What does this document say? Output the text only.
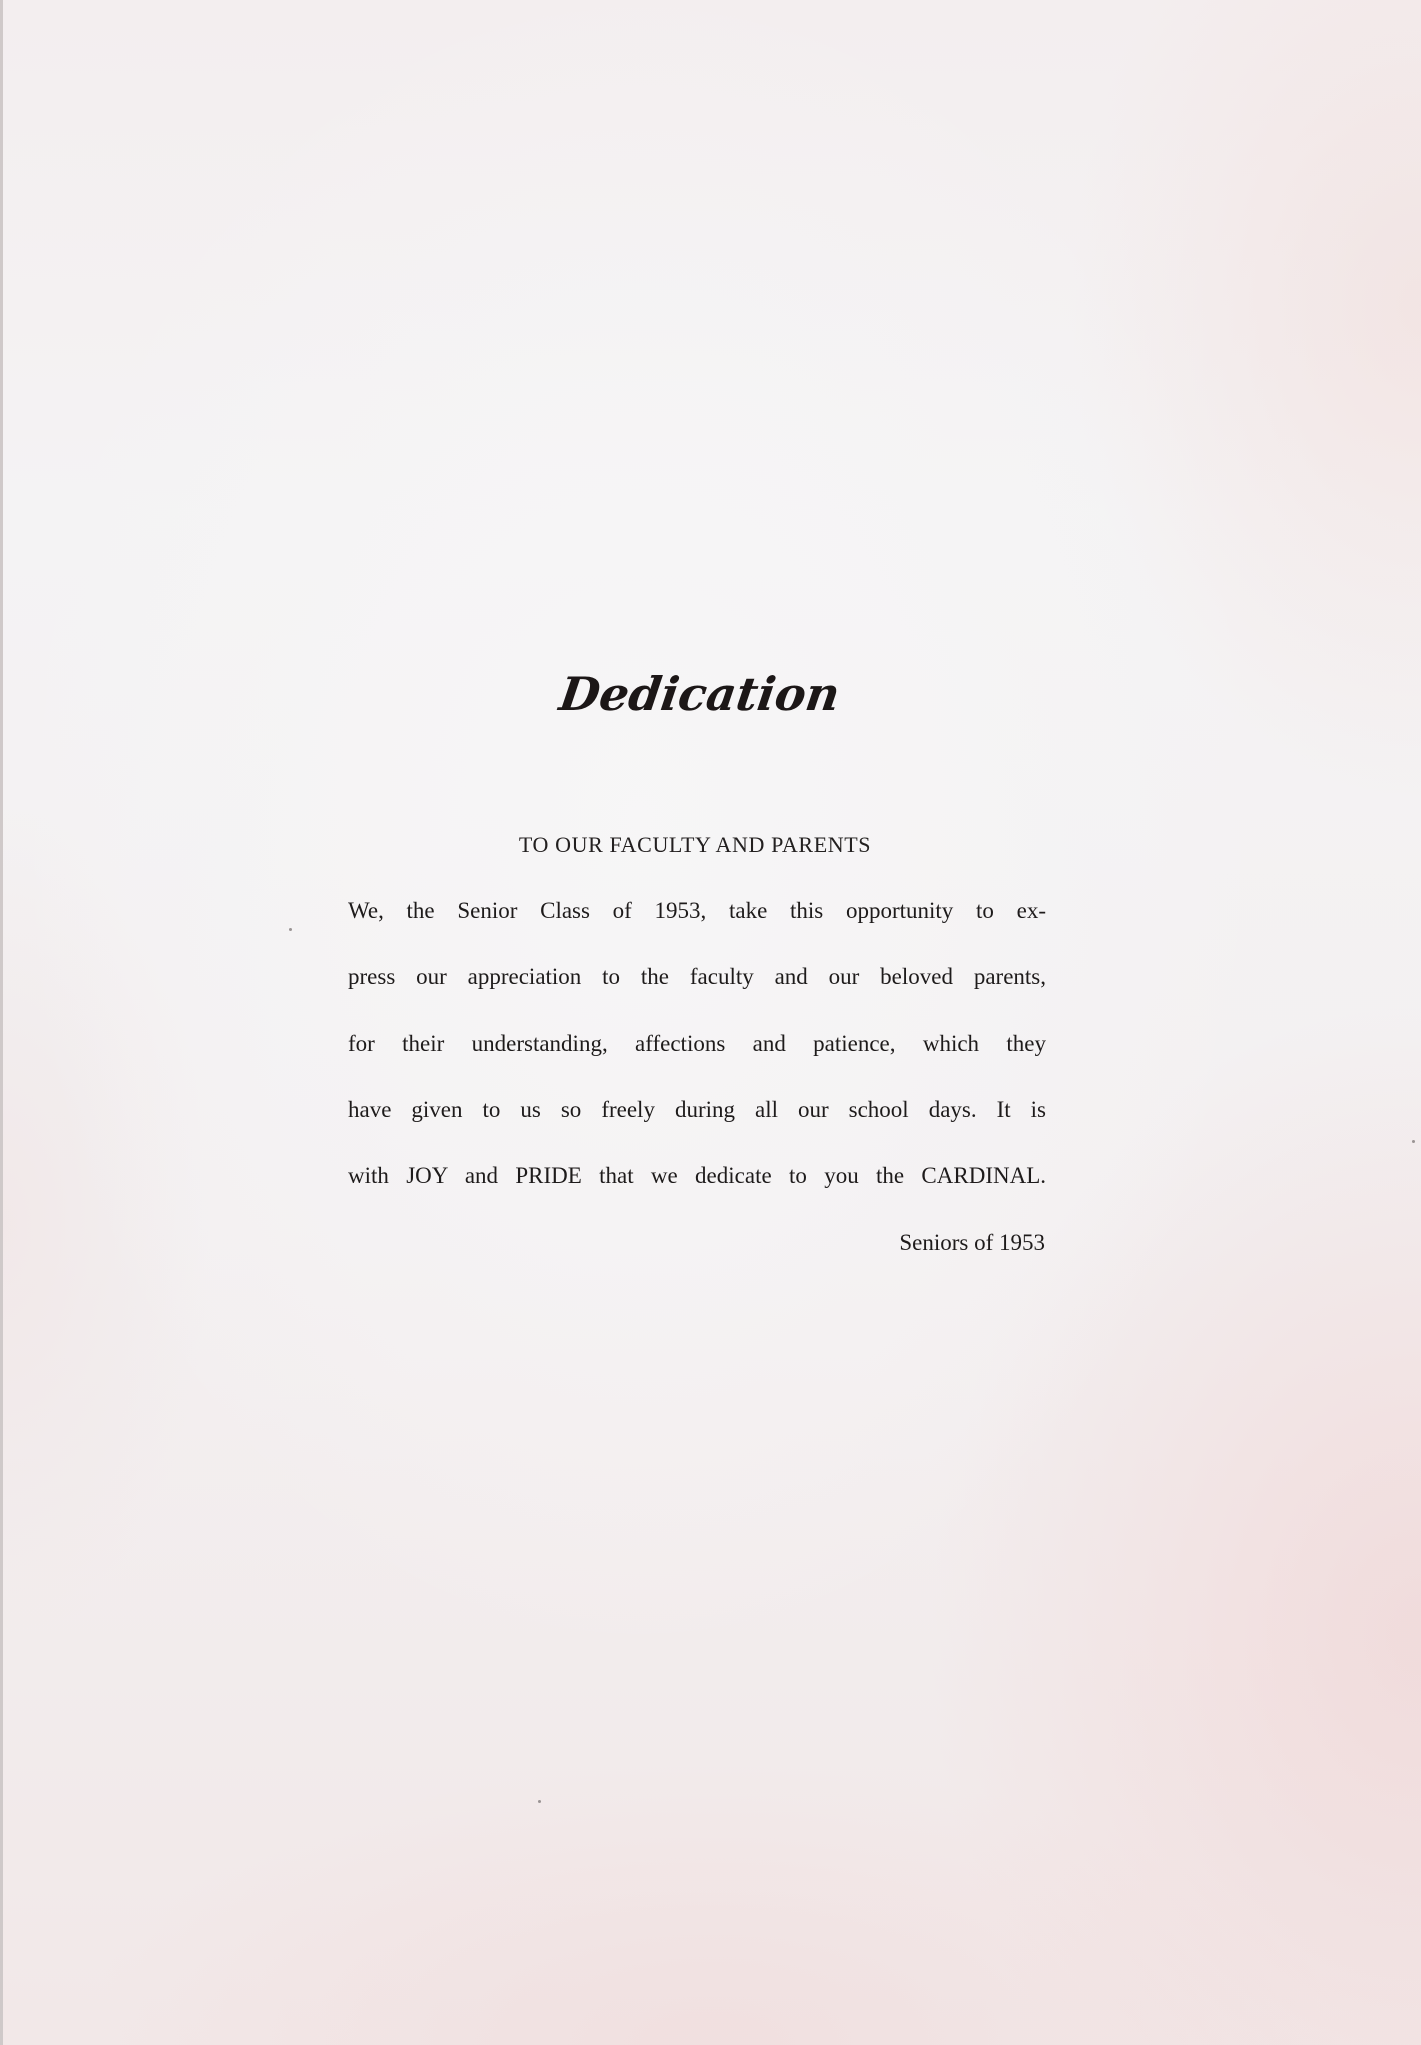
Dedication
TO OUR FACULTY AND PARENTS
We, the Senior Class of 1953, take this opportunity to ex-
press our appreciation to the faculty and our beloved parents,
for their understanding, affections and patience, which they
have given to us so freely during all our school days. It is
with JOY and PRIDE that we dedicate to you the CARDINAL.
Seniors of 1953
